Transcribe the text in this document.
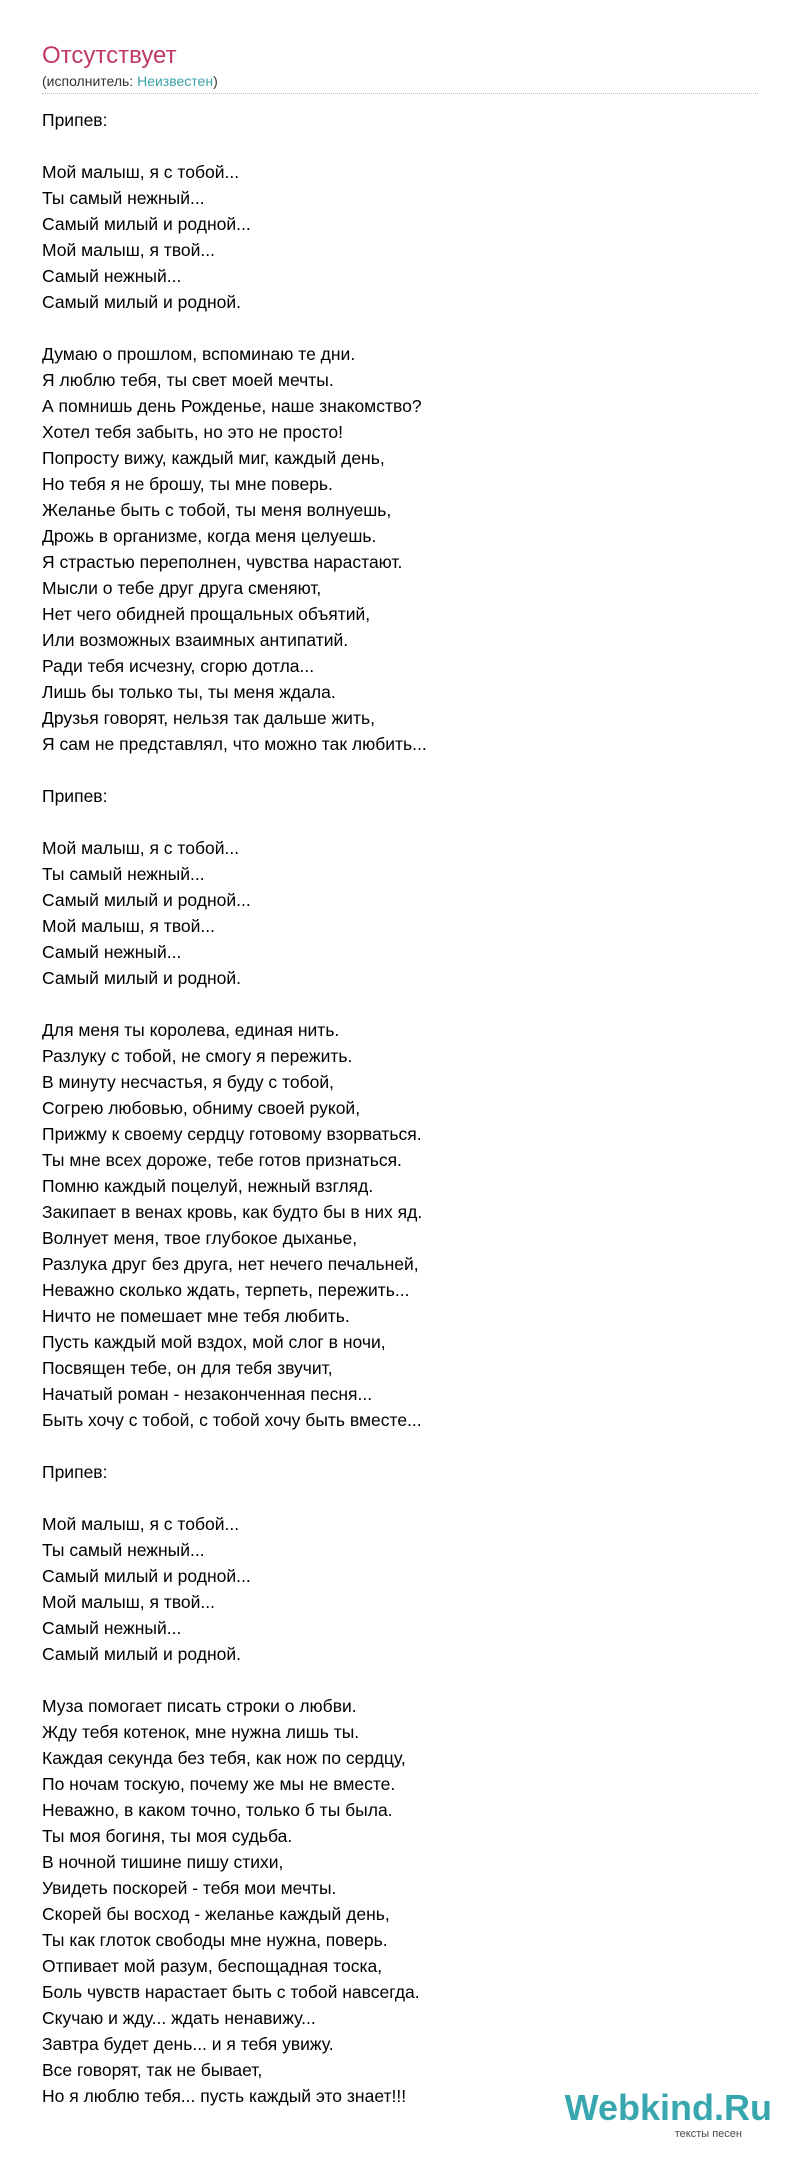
Отсутствует
(исполнитель: Неизвестен)
Припев:
Мой малыш, я с тобой...
Ты самый нежный...
Самый милый и родной...
Мой малыш, я твой...
Самый нежный...
Самый милый и родной.
Думаю о прошлом, вспоминаю те дни.
Я люблю тебя, ты свет моей мечты.
А помнишь день Рожденье, наше знакомство?
Хотел тебя забыть, но это не просто!
Попросту вижу, каждый миг, каждый день,
Но тебя я не брошу, ты мне поверь.
Желанье быть с тобой, ты меня волнуешь,
Дрожь в организме, когда меня целуешь.
Я страстью переполнен, чувства нарастают.
Мысли о тебе друг друга сменяют,
Нет чего обидней прощальных объятий,
Или возможных взаимных антипатий.
Ради тебя исчезну, сгорю дотла...
Лишь бы только ты, ты меня ждала.
Друзья говорят, нельзя так дальше жить,
Я сам не представлял, что можно так любить...
Припев:
Мой малыш, я с тобой...
Ты самый нежный...
Самый милый и родной...
Мой малыш, я твой...
Самый нежный...
Самый милый и родной.
Для меня ты королева, единая нить.
Разлуку с тобой, не смогу я пережить.
В минуту несчастья, я буду с тобой,
Согрею любовью, обниму своей рукой,
Прижму к своему сердцу готовому взорваться.
Ты мне всех дороже, тебе готов признаться.
Помню каждый поцелуй, нежный взгляд.
Закипает в венах кровь, как будто бы в них яд.
Волнует меня, твое глубокое дыханье,
Разлука друг без друга, нет нечего печальней,
Неважно сколько ждать, терпеть, пережить...
Ничто не помешает мне тебя любить.
Пусть каждый мой вздох, мой слог в ночи,
Посвящен тебе, он для тебя звучит,
Начатый роман - незаконченная песня...
Быть хочу с тобой, с тобой хочу быть вместе...
Припев:
Мой малыш, я с тобой...
Ты самый нежный...
Самый милый и родной...
Мой малыш, я твой...
Самый нежный...
Самый милый и родной.
Муза помогает писать строки о любви.
Жду тебя котенок, мне нужна лишь ты.
Каждая секунда без тебя, как нож по сердцу,
По ночам тоскую, почему же мы не вместе.
Неважно, в каком точно, только б ты была.
Ты моя богиня, ты моя судьба.
В ночной тишине пишу стихи,
Увидеть поскорей - тебя мои мечты.
Скорей бы восход - желанье каждый день,
Ты как глоток свободы мне нужна, поверь.
Отпивает мой разум, беспощадная тоска,
Боль чувств нарастает быть с тобой навсегда.
Скучаю и жду... ждать ненавижу...
Завтра будет день... и я тебя увижу.
Все говорят, так не бывает,
Но я люблю тебя... пусть каждый это знает!!!	Webkind.Ru
тексты песен
